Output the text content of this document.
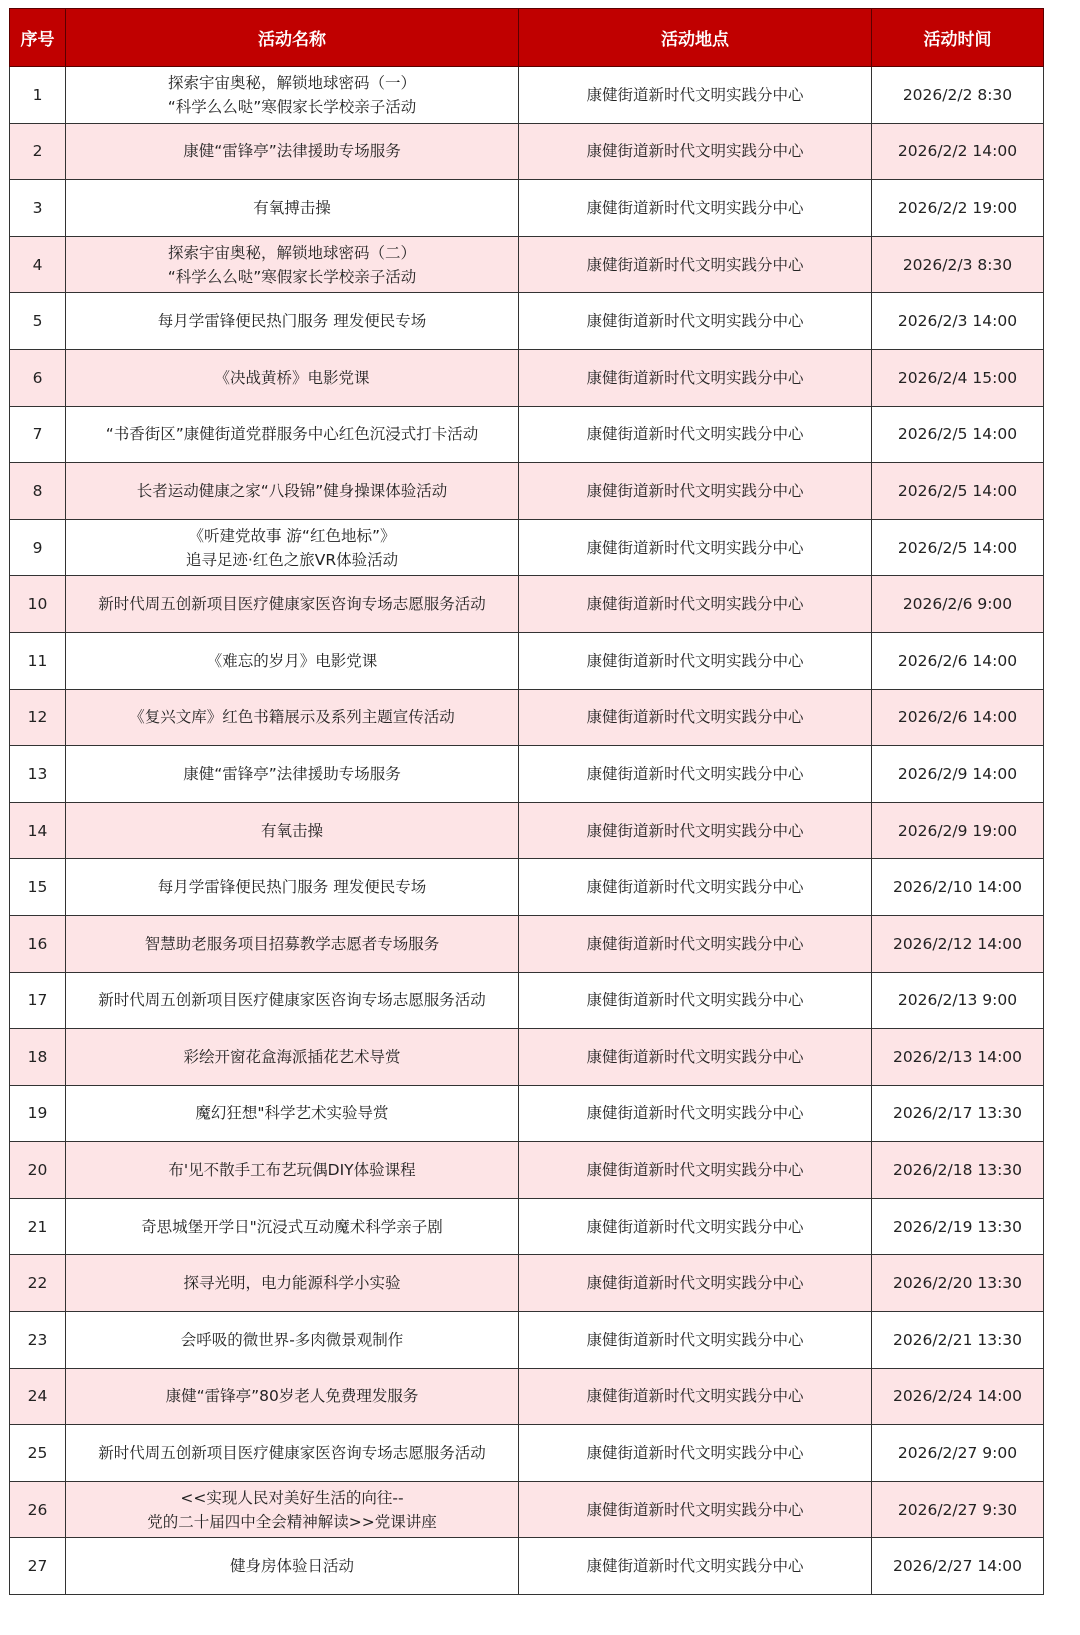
序号	活动名称	活动地点	活动时间
1	探索宇宙奥秘，解锁地球密码（一）
“科学么么哒”寒假家长学校亲子活动	康健街道新时代文明实践分中心	2026/2/2 8:30
2	康健“雷锋亭”法律援助专场服务	康健街道新时代文明实践分中心	2026/2/2 14:00
3	有氧搏击操	康健街道新时代文明实践分中心	2026/2/2 19:00
4	探索宇宙奥秘，解锁地球密码（二）
“科学么么哒”寒假家长学校亲子活动	康健街道新时代文明实践分中心	2026/2/3 8:30
5	每月学雷锋便民热门服务 理发便民专场	康健街道新时代文明实践分中心	2026/2/3 14:00
6	《决战黄桥》电影党课	康健街道新时代文明实践分中心	2026/2/4 15:00
7	“书香街区”康健街道党群服务中心红色沉浸式打卡活动	康健街道新时代文明实践分中心	2026/2/5 14:00
8	长者运动健康之家“八段锦”健身操课体验活动	康健街道新时代文明实践分中心	2026/2/5 14:00
9	《听建党故事 游“红色地标”》
追寻足迹·红色之旅VR体验活动	康健街道新时代文明实践分中心	2026/2/5 14:00
10	新时代周五创新项目医疗健康家医咨询专场志愿服务活动	康健街道新时代文明实践分中心	2026/2/6 9:00
11	《难忘的岁月》电影党课	康健街道新时代文明实践分中心	2026/2/6 14:00
12	《复兴文库》红色书籍展示及系列主题宣传活动	康健街道新时代文明实践分中心	2026/2/6 14:00
13	康健“雷锋亭”法律援助专场服务	康健街道新时代文明实践分中心	2026/2/9 14:00
14	有氧击操	康健街道新时代文明实践分中心	2026/2/9 19:00
15	每月学雷锋便民热门服务 理发便民专场	康健街道新时代文明实践分中心	2026/2/10 14:00
16	智慧助老服务项目招募教学志愿者专场服务	康健街道新时代文明实践分中心	2026/2/12 14:00
17	新时代周五创新项目医疗健康家医咨询专场志愿服务活动	康健街道新时代文明实践分中心	2026/2/13 9:00
18	彩绘开窗花盒海派插花艺术导赏	康健街道新时代文明实践分中心	2026/2/13 14:00
19	魔幻狂想"科学艺术实验导赏	康健街道新时代文明实践分中心	2026/2/17 13:30
20	布'见不散手工布艺玩偶DIY体验课程	康健街道新时代文明实践分中心	2026/2/18 13:30
21	奇思城堡开学日"沉浸式互动魔术科学亲子剧	康健街道新时代文明实践分中心	2026/2/19 13:30
22	探寻光明，电力能源科学小实验	康健街道新时代文明实践分中心	2026/2/20 13:30
23	会呼吸的微世界-多肉微景观制作	康健街道新时代文明实践分中心	2026/2/21 13:30
24	康健“雷锋亭”80岁老人免费理发服务	康健街道新时代文明实践分中心	2026/2/24 14:00
25	新时代周五创新项目医疗健康家医咨询专场志愿服务活动	康健街道新时代文明实践分中心	2026/2/27 9:00
26	<<实现人民对美好生活的向往--
党的二十届四中全会精神解读>>党课讲座	康健街道新时代文明实践分中心	2026/2/27 9:30
27	健身房体验日活动	康健街道新时代文明实践分中心	2026/2/27 14:00
